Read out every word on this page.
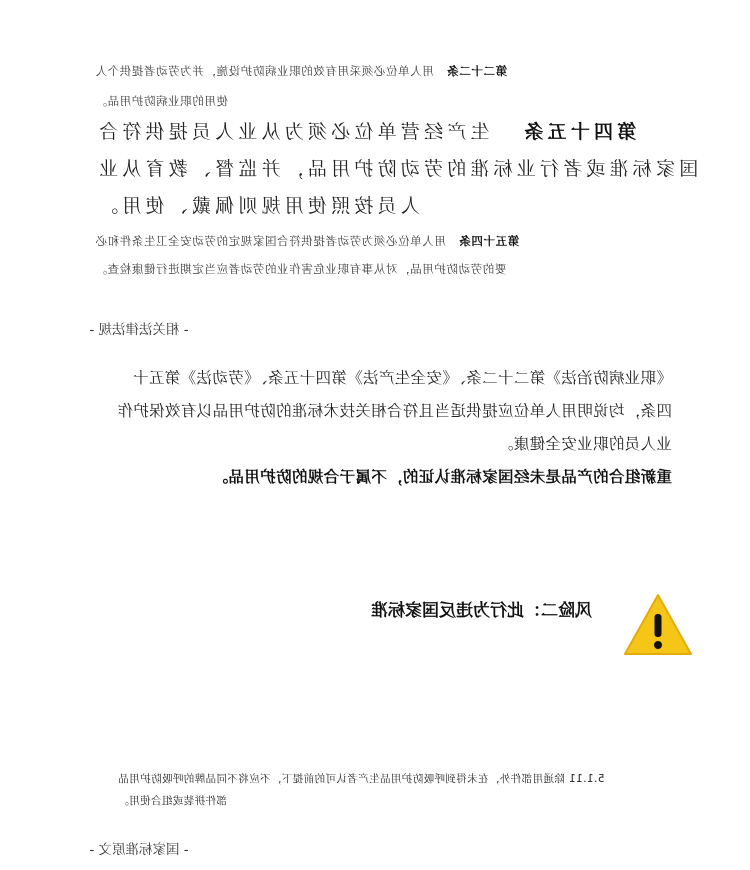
第二十二条   用人单位必须采用有效的职业病防护设施，并为劳动者提供个人
使用的职业病防护用品。
第四十五条   生产经营单位必须为从业人员提供符合
国家标准或者行业标准的劳动防护用品，并监督、教育从业
人员按照使用规则佩戴、使用。
第五十四条   用人单位必须为劳动者提供符合国家规定的劳动安全卫生条件和必
要的劳动防护用品，对从事有职业危害作业的劳动者应当定期进行健康检查。
- 相关法律法规 -

《职业病防治法》第二十二条、《安全生产法》第四十五条、《劳动法》第五十

四条，均说明用人单位应提供适当且符合相关技术标准的防护用品以有效保护作

业人员的职业安全健康。

重新组合的产品是未经国家标准认证的，不属于合规的防护用品。

风险二：此行为违反国家标准
5.1.11 除通用部件外，在未得到呼吸防护用品生产者认可的前提下，不应将不同品牌的呼吸防护用品
部件拼装或组合使用。
- 国家标准原文 -
